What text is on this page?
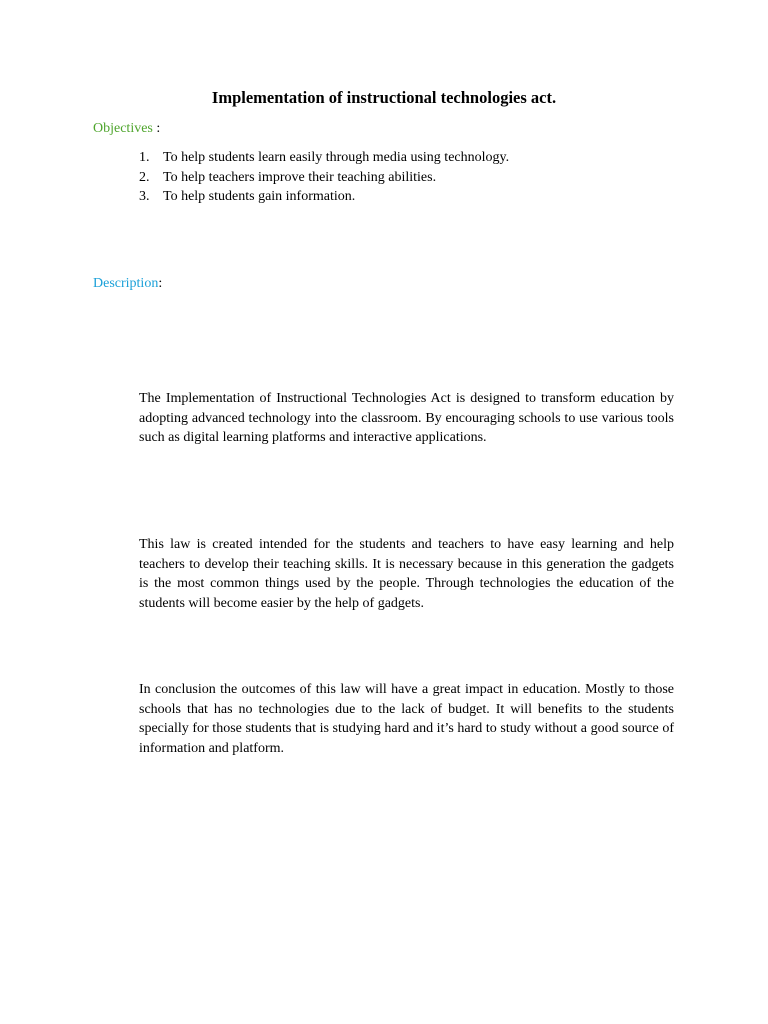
Implementation of instructional technologies act.
Objectives :
1. To help students learn easily through media using technology.
2. To help teachers improve their teaching abilities.
3. To help students gain information.
Description:

The Implementation of Instructional Technologies Act is designed to transform education by adopting advanced technology into the classroom. By encouraging schools to use various tools such as digital learning platforms and interactive applications.

This law is created intended for the students and teachers to have easy learning and help teachers to develop their teaching skills. It is necessary because in this generation the gadgets is the most common things used by the people. Through technologies the education of the students will become easier by the help of gadgets.

In conclusion the outcomes of this law will have a great impact in education. Mostly to those schools that has no technologies due to the lack of budget. It will benefits to the students specially for those students that is studying hard and it’s hard to study without a good source of information and platform.
